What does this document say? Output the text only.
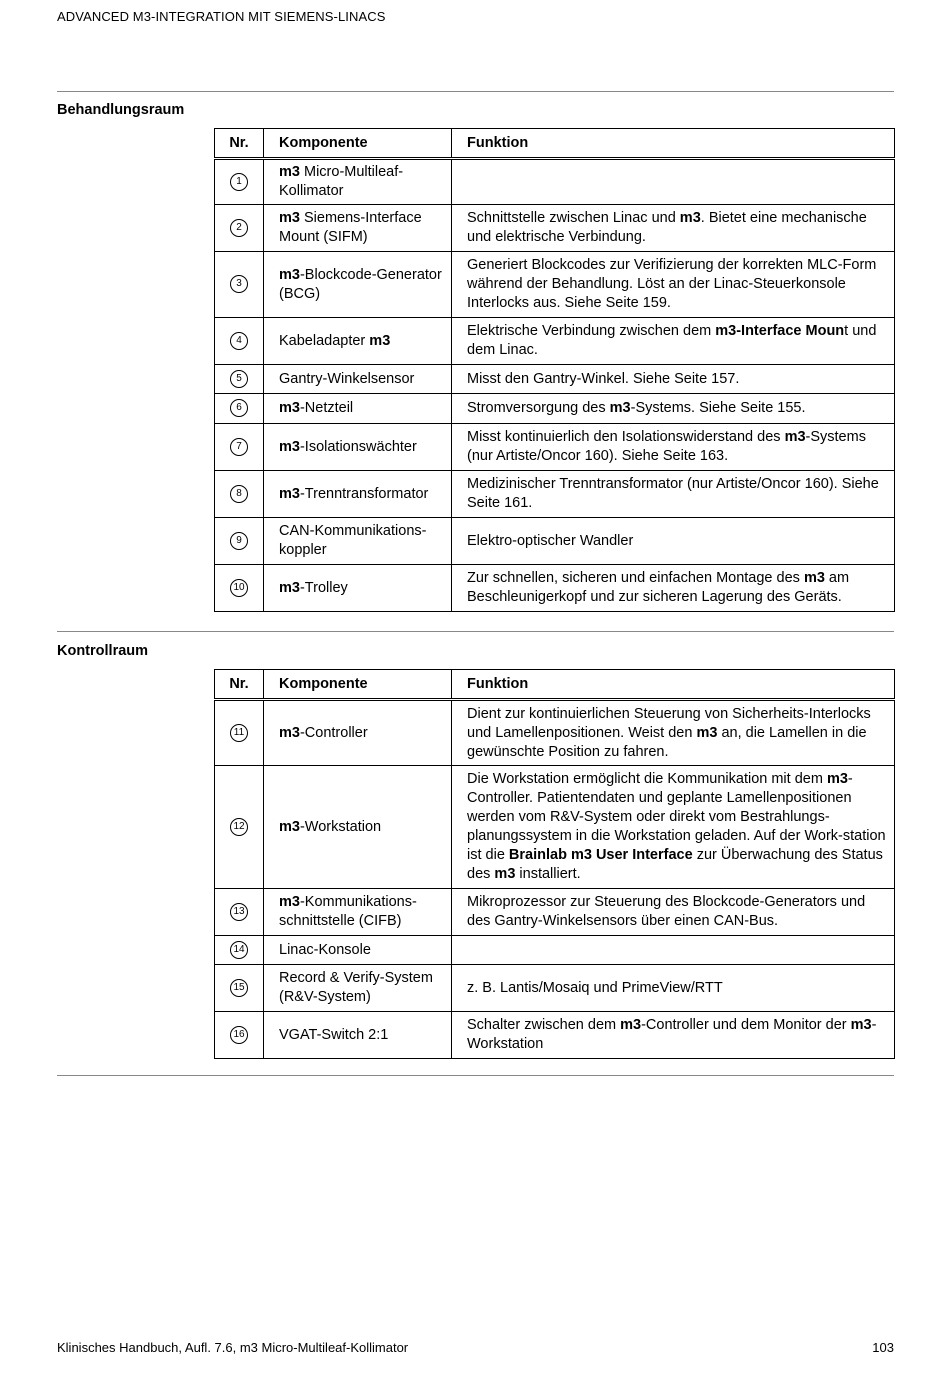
ADVANCED M3-INTEGRATION MIT SIEMENS-LINACS
Behandlungsraum
Nr.	Komponente	Funktion
1	m3 Micro-Multileaf-Kollimator	
2	m3 Siemens-Interface Mount (SIFM)	Schnittstelle zwischen Linac und m3. Bietet eine mechanische und elektrische Verbindung.
3	m3-Blockcode-Generator (BCG)	Generiert Blockcodes zur Verifizierung der korrekten MLC-Form während der Behandlung. Löst an der Linac-Steuerkonsole Interlocks aus. Siehe Seite 159.
4	Kabeladapter m3	Elektrische Verbindung zwischen dem m3-Interface Mount und dem Linac.
5	Gantry-Winkelsensor	Misst den Gantry-Winkel. Siehe Seite 157.
6	m3-Netzteil	Stromversorgung des m3-Systems. Siehe Seite 155.
7	m3-Isolationswächter	Misst kontinuierlich den Isolationswiderstand des m3-Systems (nur Artiste/Oncor 160). Siehe Seite 163.
8	m3-Trenntransformator	Medizinischer Trenntransformator (nur Artiste/Oncor 160). Siehe Seite 161.
9	CAN-Kommunikations-koppler	Elektro-optischer Wandler
10	m3-Trolley	Zur schnellen, sicheren und einfachen Montage des m3 am Beschleunigerkopf und zur sicheren Lagerung des Geräts.
Kontrollraum
Nr.	Komponente	Funktion
11	m3-Controller	Dient zur kontinuierlichen Steuerung von Sicherheits-Interlocks und Lamellenpositionen. Weist den m3 an, die Lamellen in die gewünschte Position zu fahren.
12	m3-Workstation	Die Workstation ermöglicht die Kommunikation mit dem m3-Controller. Patientendaten und geplante Lamellenpositionen werden vom R&V-System oder direkt vom Bestrahlungs-planungssystem in die Workstation geladen. Auf der Work-station ist die Brainlab m3 User Interface zur Überwachung des Status des m3 installiert.
13	m3-Kommunikations-schnittstelle (CIFB)	Mikroprozessor zur Steuerung des Blockcode-Generators und des Gantry-Winkelsensors über einen CAN-Bus.
14	Linac-Konsole	
15	Record & Verify-System (R&V-System)	z. B. Lantis/Mosaiq und PrimeView/RTT
16	VGAT-Switch 2:1	Schalter zwischen dem m3-Controller und dem Monitor der m3-Workstation
Klinisches Handbuch, Aufl. 7.6, m3 Micro-Multileaf-Kollimator	103
